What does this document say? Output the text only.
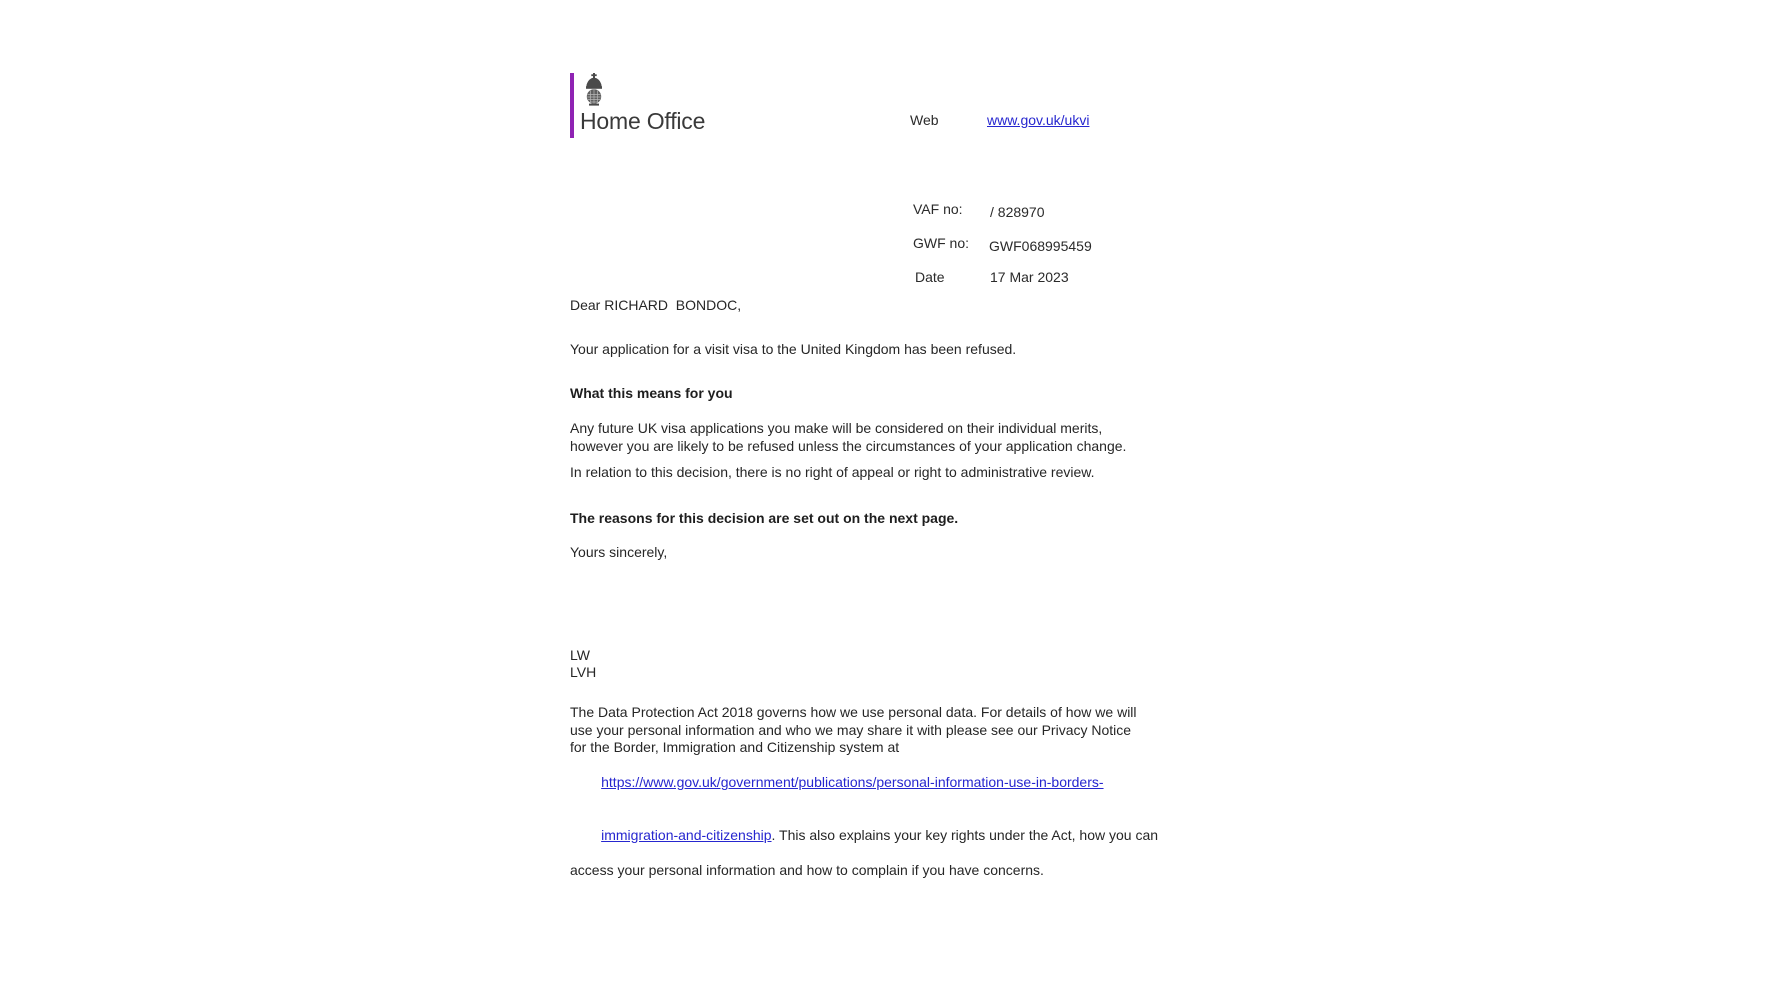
Home Office	Web	www.gov.uk/ukvi
VAF no: / 828970
GWF no: GWF068995459
Date	17 Mar 2023
Dear RICHARD  BONDOC,
Your application for a visit visa to the United Kingdom has been refused.
What this means for you
Any future UK visa applications you make will be considered on their individual merits,
however you are likely to be refused unless the circumstances of your application change.
In relation to this decision, there is no right of appeal or right to administrative review.
The reasons for this decision are set out on the next page.
Yours sincerely,
LW
LVH
The Data Protection Act 2018 governs how we use personal data. For details of how we will
use your personal information and who we may share it with please see our Privacy Notice
for the Border, Immigration and Citizenship system at

https://www.gov.uk/government/publications/personal-information-use-in-borders-

immigration-and-citizenship. This also explains your key rights under the Act, how you can

access your personal information and how to complain if you have concerns.
